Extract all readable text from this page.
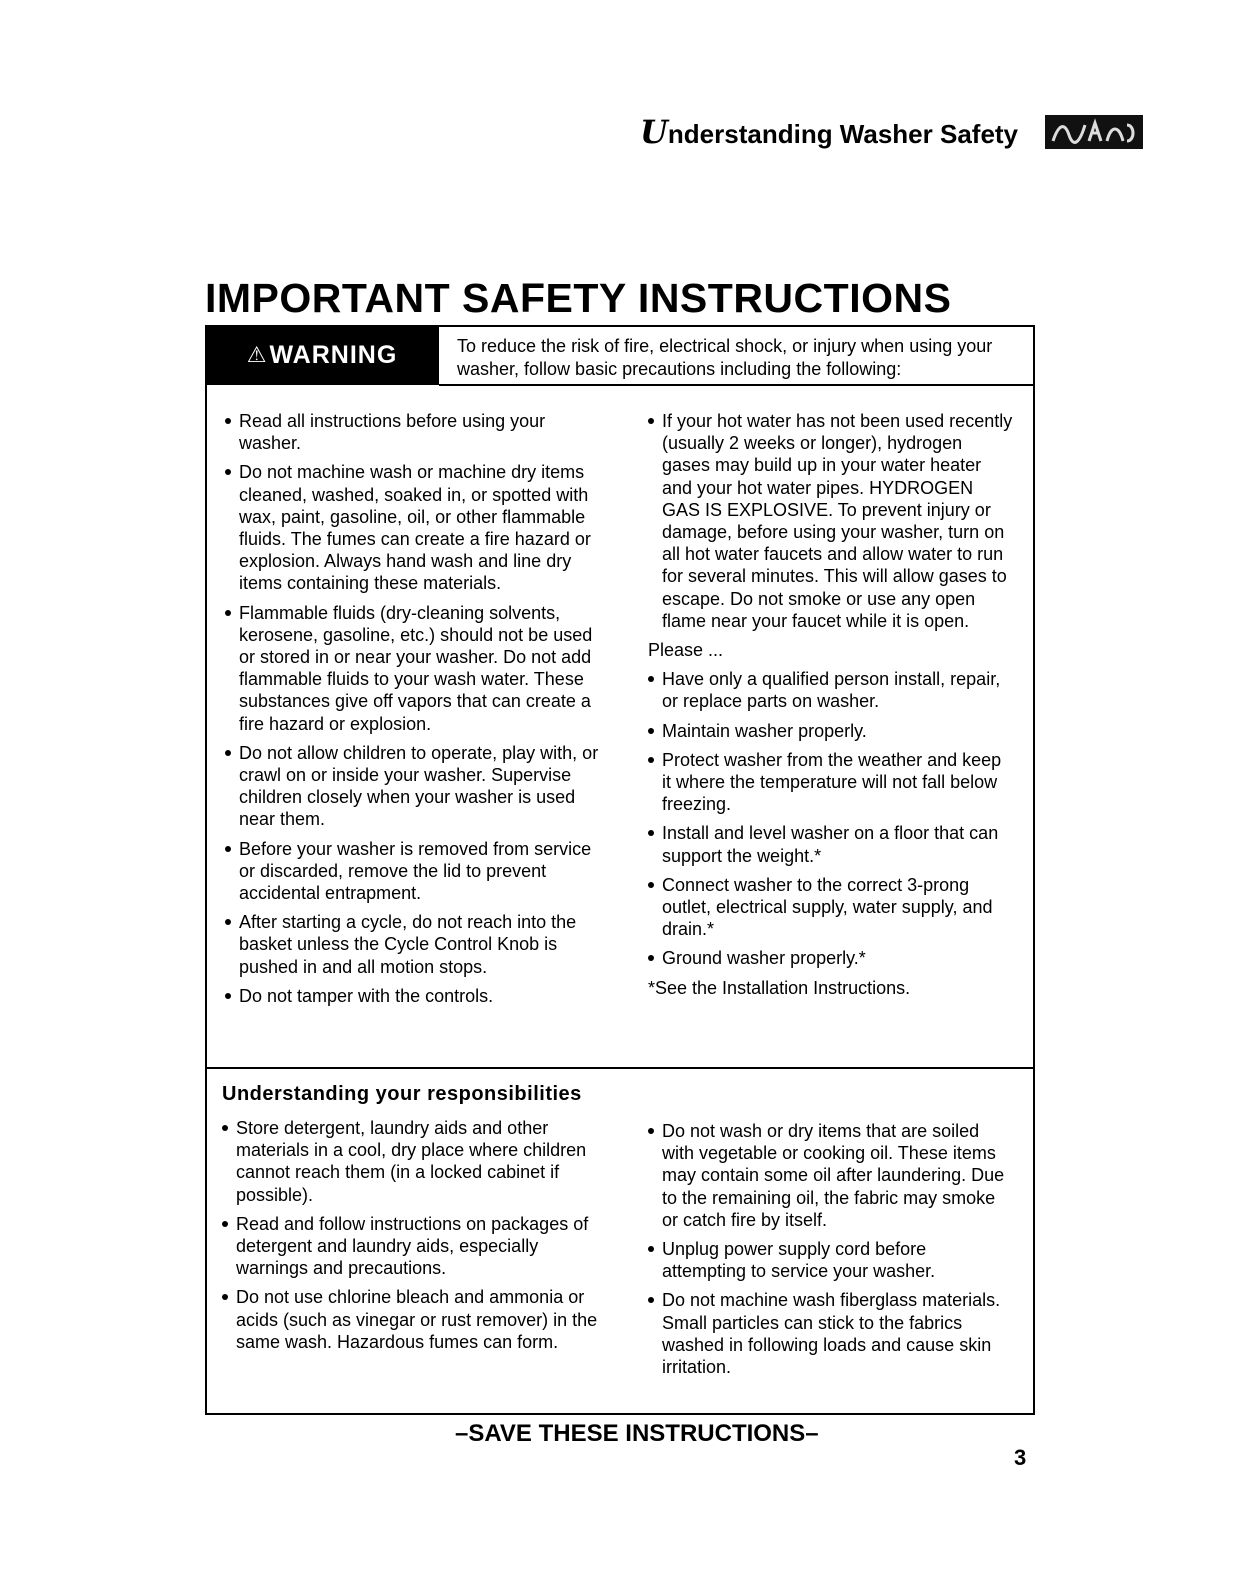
Understanding Washer Safety
IMPORTANT SAFETY INSTRUCTIONS
⚠ WARNING	To reduce the risk of fire, electrical shock, or injury when using your washer, follow basic precautions including the following:
Read all instructions before using your washer.
Do not machine wash or machine dry items cleaned, washed, soaked in, or spotted with wax, paint, gasoline, oil, or other flammable fluids. The fumes can create a fire hazard or explosion. Always hand wash and line dry items containing these materials.
Flammable fluids (dry-cleaning solvents, kerosene, gasoline, etc.) should not be used or stored in or near your washer. Do not add flammable fluids to your wash water. These substances give off vapors that can create a fire hazard or explosion.
Do not allow children to operate, play with, or crawl on or inside your washer. Supervise children closely when your washer is used near them.
Before your washer is removed from service or discarded, remove the lid to prevent accidental entrapment.
After starting a cycle, do not reach into the basket unless the Cycle Control Knob is pushed in and all motion stops.
Do not tamper with the controls.
If your hot water has not been used recently (usually 2 weeks or longer), hydrogen gases may build up in your water heater and your hot water pipes. HYDROGEN GAS IS EXPLOSIVE. To prevent injury or damage, before using your washer, turn on all hot water faucets and allow water to run for several minutes. This will allow gases to escape. Do not smoke or use any open flame near your faucet while it is open.

Please ...

Have only a qualified person install, repair, or replace parts on washer.
Maintain washer properly.
Protect washer from the weather and keep it where the temperature will not fall below freezing.
Install and level washer on a floor that can support the weight.*
Connect washer to the correct 3-prong outlet, electrical supply, water supply, and drain.*
Ground washer properly.*

*See the Installation Instructions.

Understanding your responsibilities
Store detergent, laundry aids and other materials in a cool, dry place where children cannot reach them (in a locked cabinet if possible).
Read and follow instructions on packages of detergent and laundry aids, especially warnings and precautions.
Do not use chlorine bleach and ammonia or acids (such as vinegar or rust remover) in the same wash. Hazardous fumes can form.
Do not wash or dry items that are soiled with vegetable or cooking oil. These items may contain some oil after laundering. Due to the remaining oil, the fabric may smoke or catch fire by itself.
Unplug power supply cord before attempting to service your washer.
Do not machine wash fiberglass materials. Small particles can stick to the fabrics washed in following loads and cause skin irritation.
–SAVE THESE INSTRUCTIONS–
3
